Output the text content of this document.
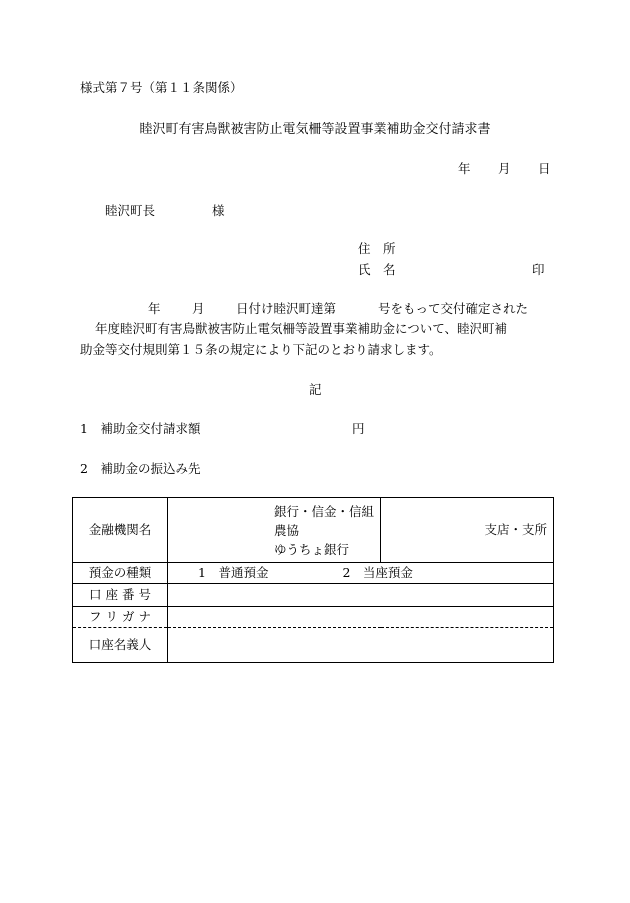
様式第７号（第１１条関係）
睦沢町有害鳥獣被害防止電気柵等設置事業補助金交付請求書
年 月 日
睦沢町長	様
住　所
氏　名	印
年	月	日付け睦沢町達第	号をもって交付確定された
年度睦沢町有害鳥獣被害防止電気柵等設置事業補助金について、睦沢町補
助金等交付規則第１５条の規定により下記のとおり請求します。
記
1　補助金交付請求額	円
2　補助金の振込み先
金融機関名	銀行・信金・信組
農協
ゆうちょ銀行	支店・支所
預金の種類	1　普通預金 2　当座預金	
口 座 番 号		
フ リ ガ ナ		
口座名義人		
